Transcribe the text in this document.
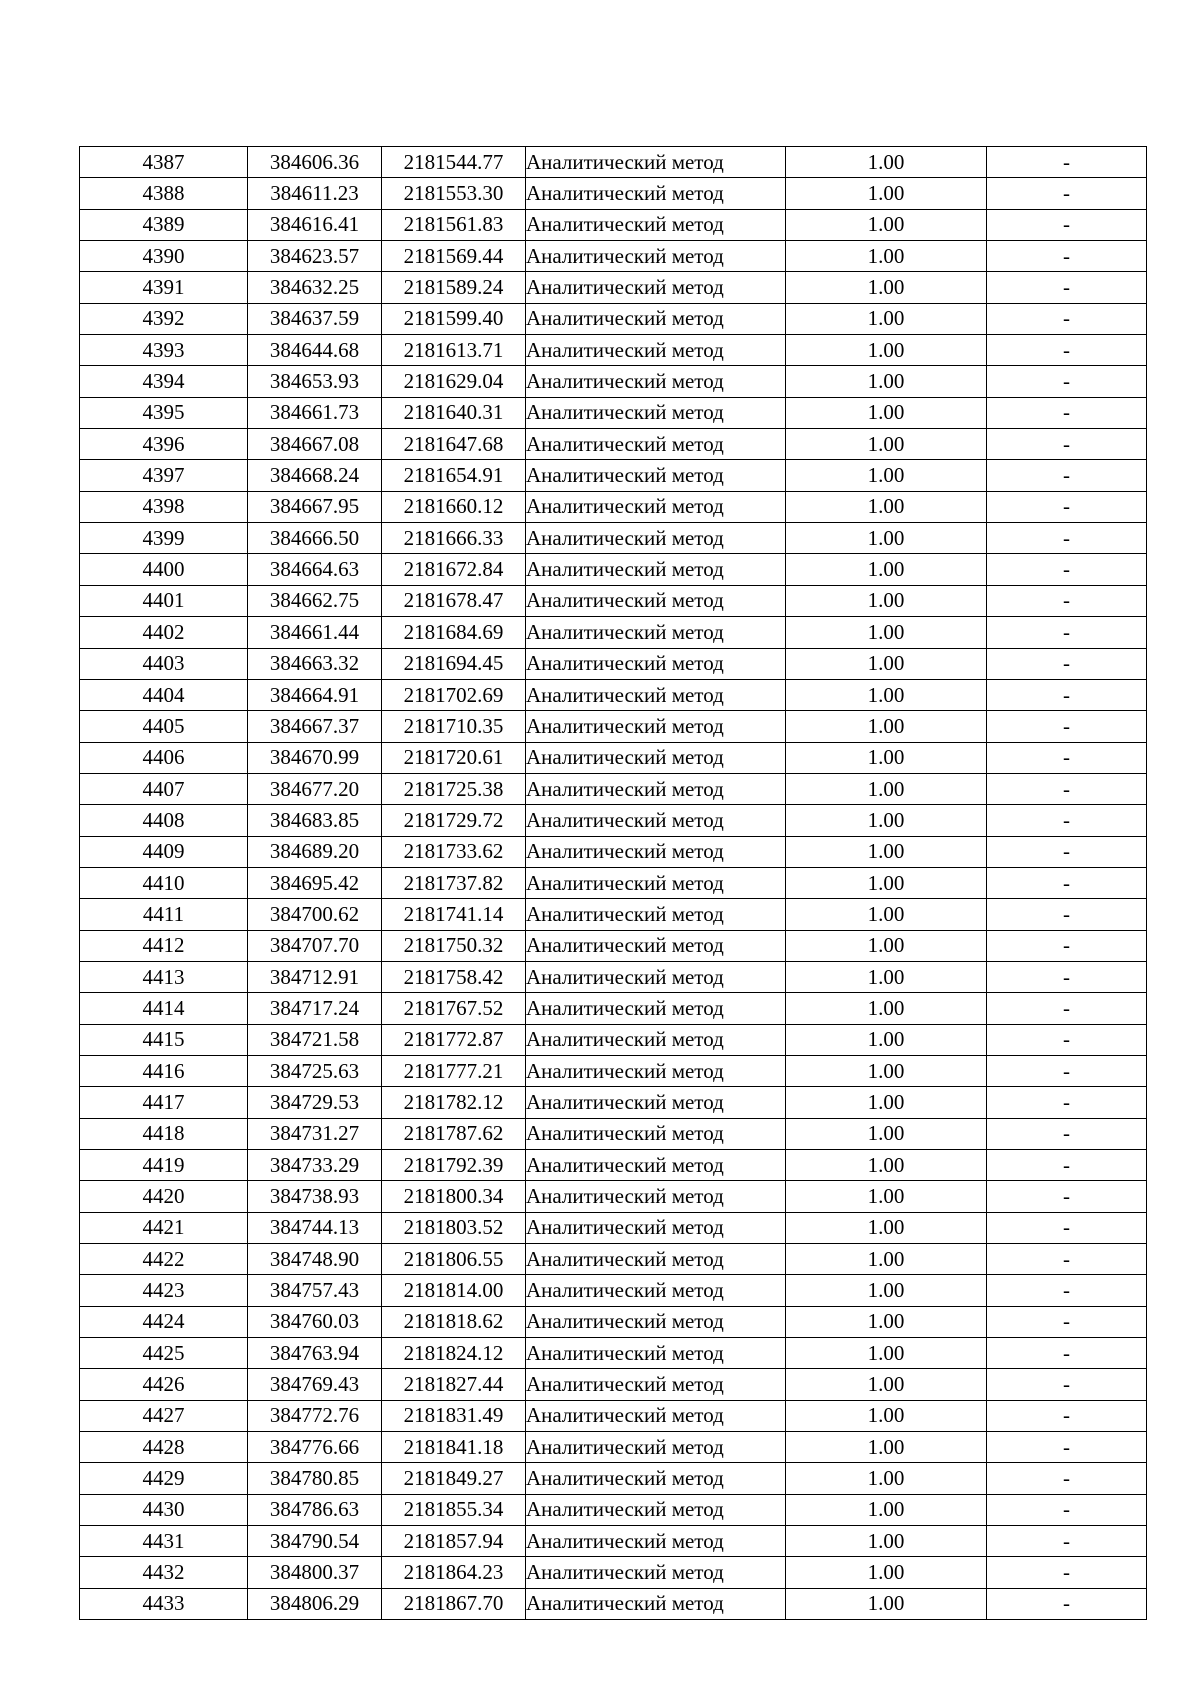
4387	384606.36	2181544.77	Аналитический метод	1.00	-
4388	384611.23	2181553.30	Аналитический метод	1.00	-
4389	384616.41	2181561.83	Аналитический метод	1.00	-
4390	384623.57	2181569.44	Аналитический метод	1.00	-
4391	384632.25	2181589.24	Аналитический метод	1.00	-
4392	384637.59	2181599.40	Аналитический метод	1.00	-
4393	384644.68	2181613.71	Аналитический метод	1.00	-
4394	384653.93	2181629.04	Аналитический метод	1.00	-
4395	384661.73	2181640.31	Аналитический метод	1.00	-
4396	384667.08	2181647.68	Аналитический метод	1.00	-
4397	384668.24	2181654.91	Аналитический метод	1.00	-
4398	384667.95	2181660.12	Аналитический метод	1.00	-
4399	384666.50	2181666.33	Аналитический метод	1.00	-
4400	384664.63	2181672.84	Аналитический метод	1.00	-
4401	384662.75	2181678.47	Аналитический метод	1.00	-
4402	384661.44	2181684.69	Аналитический метод	1.00	-
4403	384663.32	2181694.45	Аналитический метод	1.00	-
4404	384664.91	2181702.69	Аналитический метод	1.00	-
4405	384667.37	2181710.35	Аналитический метод	1.00	-
4406	384670.99	2181720.61	Аналитический метод	1.00	-
4407	384677.20	2181725.38	Аналитический метод	1.00	-
4408	384683.85	2181729.72	Аналитический метод	1.00	-
4409	384689.20	2181733.62	Аналитический метод	1.00	-
4410	384695.42	2181737.82	Аналитический метод	1.00	-
4411	384700.62	2181741.14	Аналитический метод	1.00	-
4412	384707.70	2181750.32	Аналитический метод	1.00	-
4413	384712.91	2181758.42	Аналитический метод	1.00	-
4414	384717.24	2181767.52	Аналитический метод	1.00	-
4415	384721.58	2181772.87	Аналитический метод	1.00	-
4416	384725.63	2181777.21	Аналитический метод	1.00	-
4417	384729.53	2181782.12	Аналитический метод	1.00	-
4418	384731.27	2181787.62	Аналитический метод	1.00	-
4419	384733.29	2181792.39	Аналитический метод	1.00	-
4420	384738.93	2181800.34	Аналитический метод	1.00	-
4421	384744.13	2181803.52	Аналитический метод	1.00	-
4422	384748.90	2181806.55	Аналитический метод	1.00	-
4423	384757.43	2181814.00	Аналитический метод	1.00	-
4424	384760.03	2181818.62	Аналитический метод	1.00	-
4425	384763.94	2181824.12	Аналитический метод	1.00	-
4426	384769.43	2181827.44	Аналитический метод	1.00	-
4427	384772.76	2181831.49	Аналитический метод	1.00	-
4428	384776.66	2181841.18	Аналитический метод	1.00	-
4429	384780.85	2181849.27	Аналитический метод	1.00	-
4430	384786.63	2181855.34	Аналитический метод	1.00	-
4431	384790.54	2181857.94	Аналитический метод	1.00	-
4432	384800.37	2181864.23	Аналитический метод	1.00	-
4433	384806.29	2181867.70	Аналитический метод	1.00	-
